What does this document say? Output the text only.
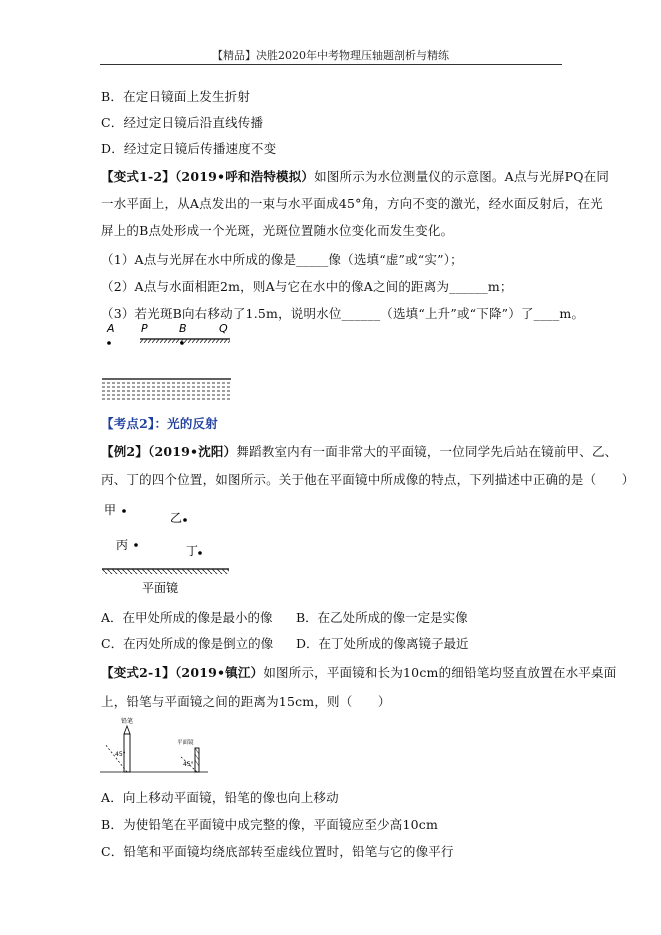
【精品】决胜2020年中考物理压轴题剖析与精练
B．在定日镜面上发生折射
C．经过定日镜后沿直线传播
D．经过定日镜后传播速度不变
【变式1-2】（2019•呼和浩特模拟）如图所示为水位测量仪的示意图。A点与光屏PQ在同
一水平面上，从A点发出的一束与水平面成45°角，方向不变的激光，经水面反射后，在光
屏上的B点处形成一个光斑，光斑位置随水位变化而发生变化。
（1）A点与光屏在水中所成的像是_____像（选填“虚”或“实”）；
（2）A点与水面相距2m，则A与它在水中的像A之间的距离为______m；
（3）若光斑B向右移动了1.5m，说明水位______（选填“上升”或“下降”）了____m。
A P	B	Q
【考点2】：光的反射
【例2】（2019•沈阳）舞蹈教室内有一面非常大的平面镜，一位同学先后站在镜前甲、乙、
丙、丁的四个位置，如图所示。关于他在平面镜中所成像的特点，下列描述中正确的是（　　）
甲
乙
丙	丁
平面镜
A．在甲处所成的像是最小的像 B．在乙处所成的像一定是实像
C．在丙处所成的像是倒立的像 D．在丁处所成的像离镜子最近
【变式2-1】（2019•镇江）如图所示，平面镜和长为10cm的细铅笔均竖直放置在水平桌面
上，铅笔与平面镜之间的距离为15cm，则（　　）
铅笔
45°
平面镜
45°
A．向上移动平面镜，铅笔的像也向上移动
B．为使铅笔在平面镜中成完整的像，平面镜应至少高10cm
C．铅笔和平面镜均绕底部转至虚线位置时，铅笔与它的像平行
